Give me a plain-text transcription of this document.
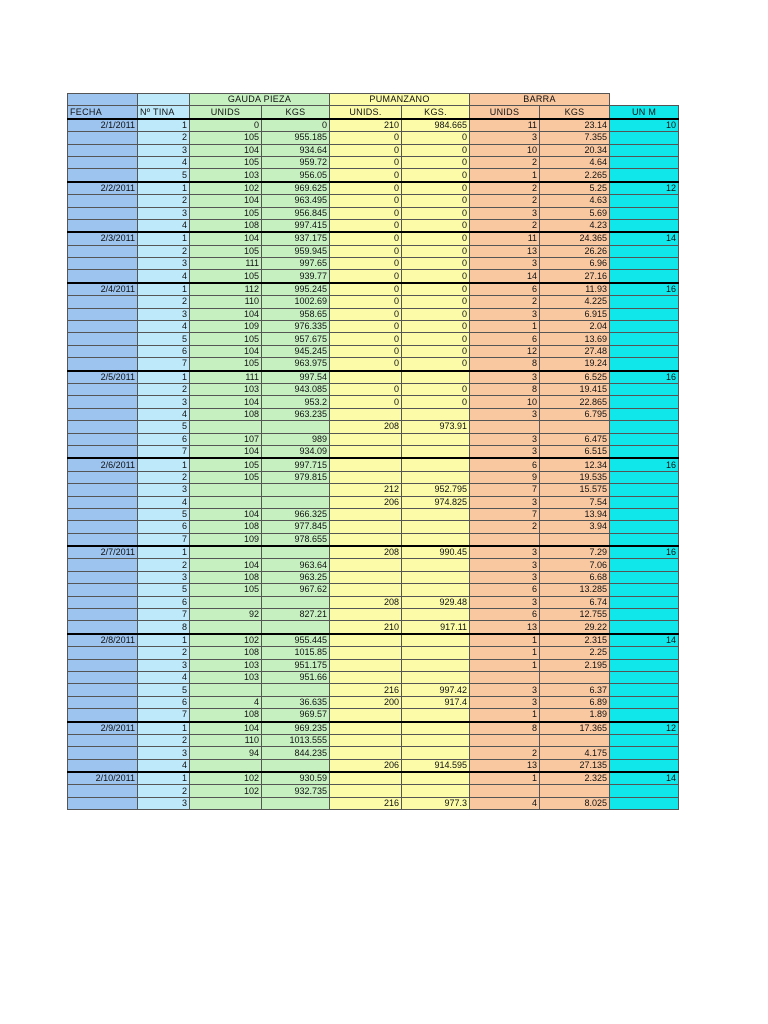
		GAUDA PIEZA		PUMANZANO		BARRA		
FECHA	Nº TINA	UNIDS	KGS	UNIDS.	KGS.	UNIDS	KGS	UN M
2/1/2011	1	0	0	210	984.665	11	23.14	10
	2	105	955.185	0	0	3	7.355	
	3	104	934.64	0	0	10	20.34	
	4	105	959.72	0	0	2	4.64	
	5	103	956.05	0	0	1	2.265	
2/2/2011	1	102	969.625	0	0	2	5.25	12
	2	104	963.495	0	0	2	4.63	
	3	105	956.845	0	0	3	5.69	
	4	108	997.415	0	0	2	4.23	
2/3/2011	1	104	937.175	0	0	11	24.365	14
	2	105	959.945	0	0	13	26.26	
	3	111	997.65	0	0	3	6.96	
	4	105	939.77	0	0	14	27.16	
2/4/2011	1	112	995.245	0	0	6	11.93	16
	2	110	1002.69	0	0	2	4.225	
	3	104	958.65	0	0	3	6.915	
	4	109	976.335	0	0	1	2.04	
	5	105	957.675	0	0	6	13.69	
	6	104	945.245	0	0	12	27.48	
	7	105	963.975	0	0	8	19.24	
2/5/2011	1	111	997.54			3	6.525	16
	2	103	943.085	0	0	8	19.415	
	3	104	953.2	0	0	10	22.865	
	4	108	963.235			3	6.795	
	5			208	973.91			
	6	107	989			3	6.475	
	7	104	934.09			3	6.515	
2/6/2011	1	105	997.715			6	12.34	16
	2	105	979.815			9	19.535	
	3			212	952.795	7	15.575	
	4			206	974.825	3	7.54	
	5	104	966.325			7	13.94	
	6	108	977.845			2	3.94	
	7	109	978.655					
2/7/2011	1			208	990.45	3	7.29	16
	2	104	963.64			3	7.06	
	3	108	963.25			3	6.68	
	5	105	967.62			6	13.285	
	6			208	929.48	3	6.74	
	7	92	827.21			6	12.755	
	8			210	917.11	13	29.22	
2/8/2011	1	102	955.445			1	2.315	14
	2	108	1015.85			1	2.25	
	3	103	951.175			1	2.195	
	4	103	951.66					
	5			216	997.42	3	6.37	
	6	4	36.635	200	917.4	3	6.89	
	7	108	969.57			1	1.89	
2/9/2011	1	104	969.235			8	17.365	12
	2	110	1013.555					
	3	94	844.235			2	4.175	
	4			206	914.595	13	27.135	
2/10/2011	1	102	930.59			1	2.325	14
	2	102	932.735					
	3			216	977.3	4	8.025	
